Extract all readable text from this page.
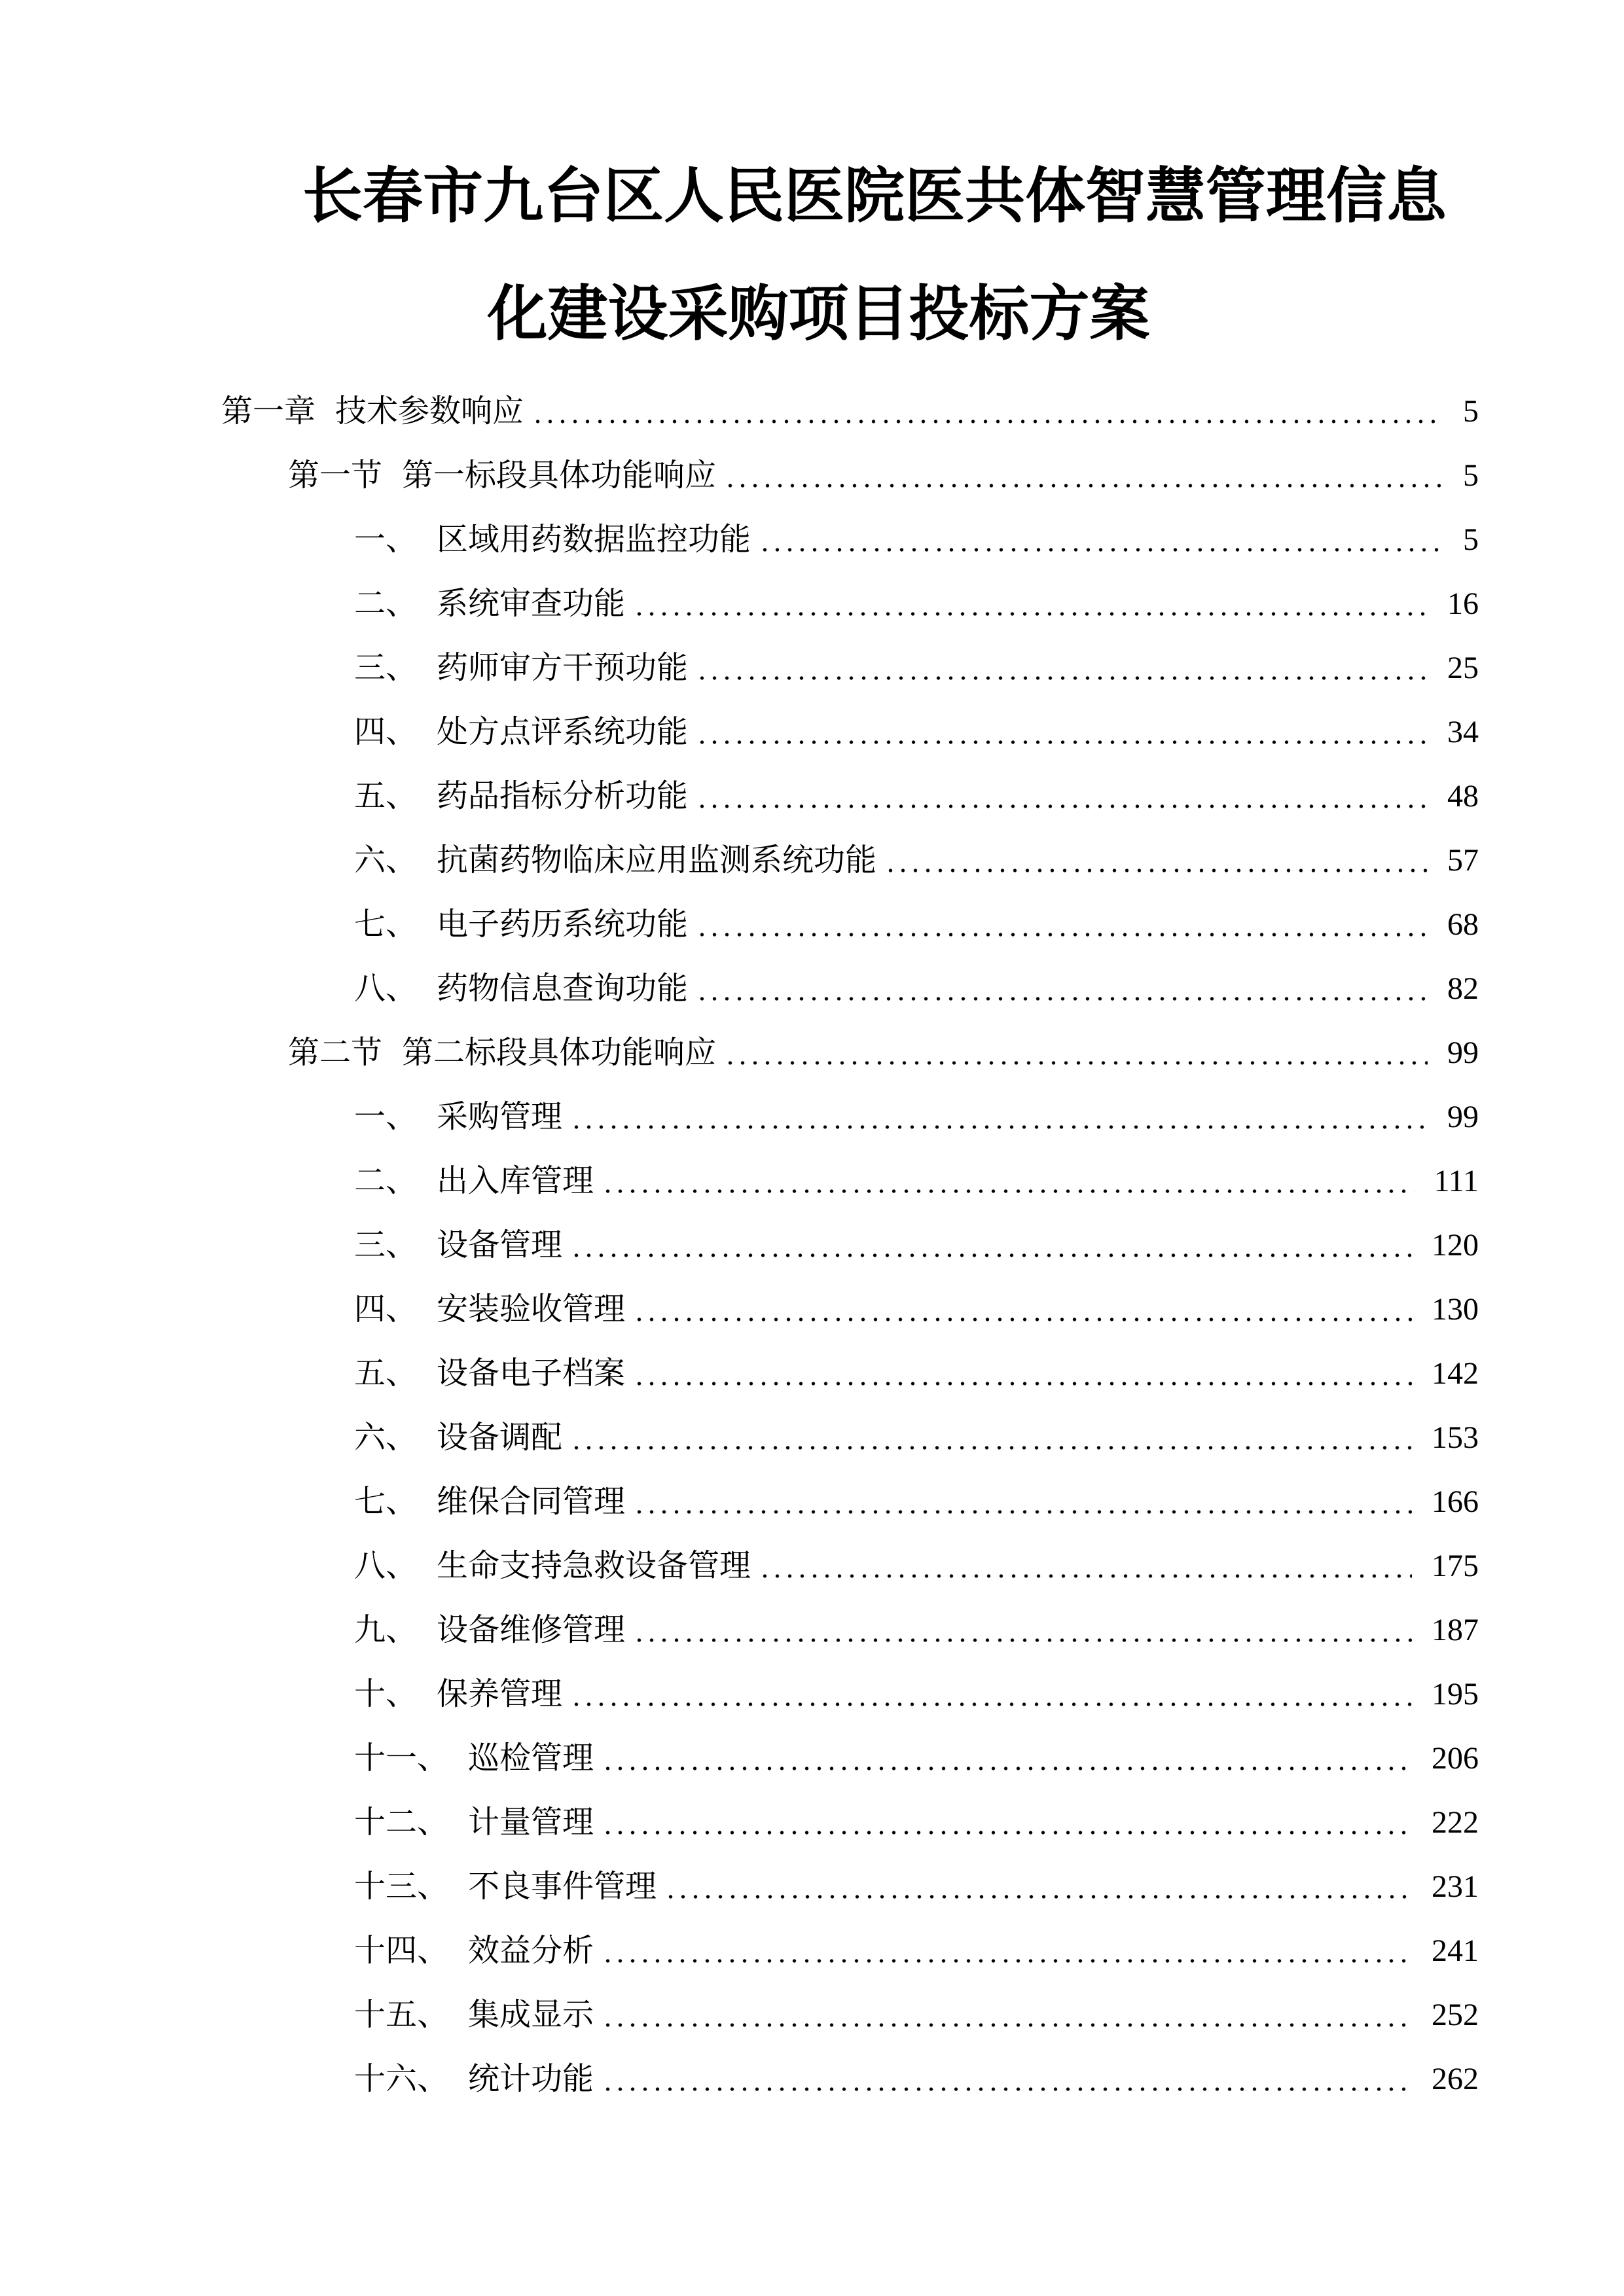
长春市九台区人民医院医共体智慧管理信息
化建设采购项目投标方案
第一章 技术参数响应	5
第一节 第一标段具体功能响应	5
一、 区域用药数据监控功能	5
二、 系统审查功能	16
三、 药师审方干预功能	25
四、 处方点评系统功能	34
五、 药品指标分析功能	48
六、 抗菌药物临床应用监测系统功能	57
七、 电子药历系统功能	68
八、 药物信息查询功能	82
第二节 第二标段具体功能响应	99
一、 采购管理	99
二、 出入库管理	111
三、 设备管理	120
四、 安装验收管理	130
五、 设备电子档案	142
六、 设备调配	153
七、 维保合同管理	166
八、 生命支持急救设备管理	175
九、 设备维修管理	187
十、 保养管理	195
十一、 巡检管理	206
十二、 计量管理	222
十三、 不良事件管理	231
十四、 效益分析	241
十五、 集成显示	252
十六、 统计功能	262
